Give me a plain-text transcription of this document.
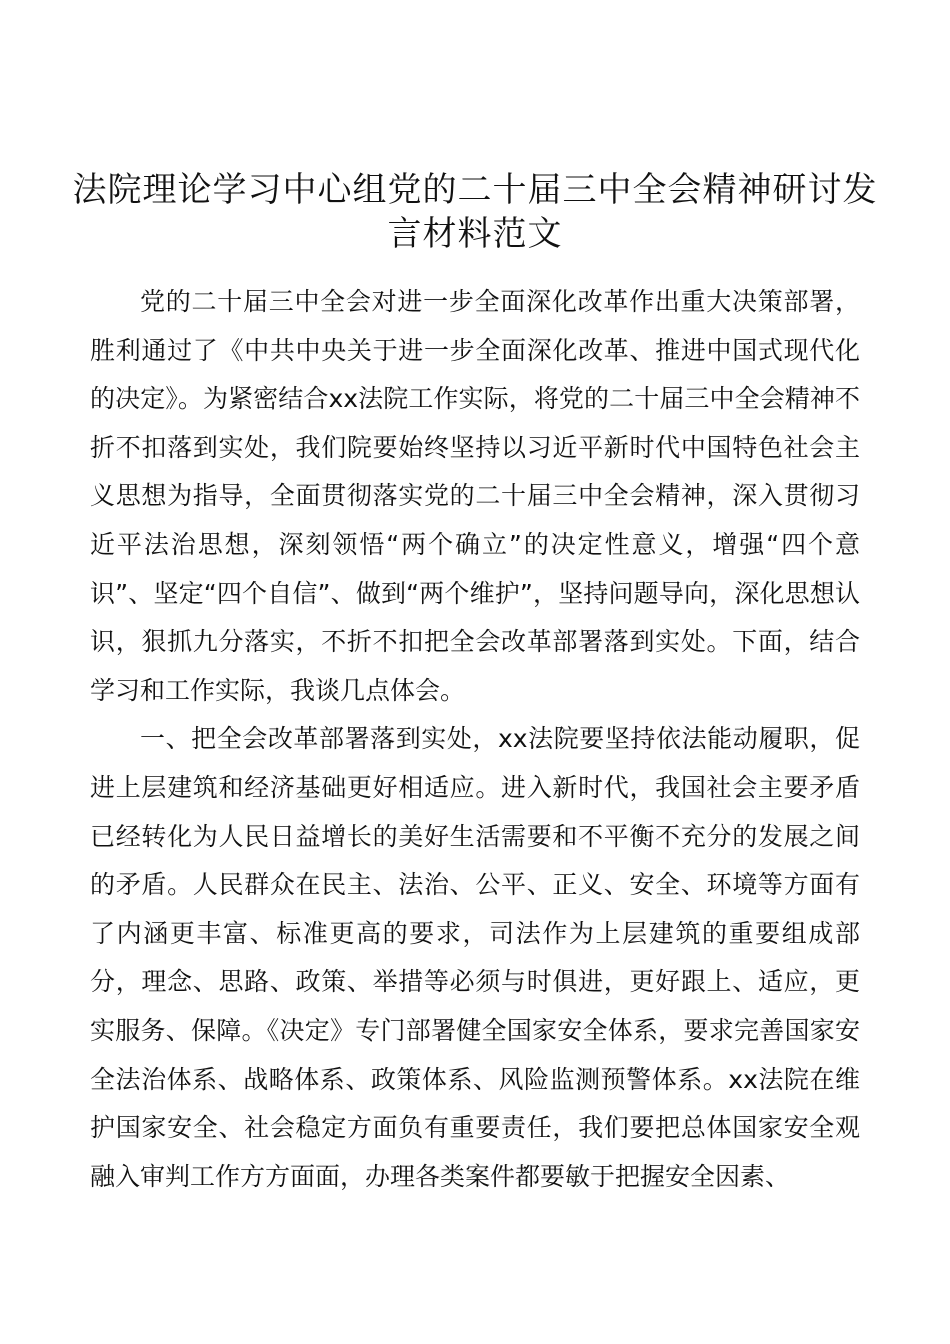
法院理论学习中心组党的二十届三中全会精神研讨发言材料范文

党的二十届三中全会对进一步全面深化改革作出重大决策部署，胜利通过了《中共中央关于进一步全面深化改革、推进中国式现代化的决定》。为紧密结合xx法院工作实际，将党的二十届三中全会精神不折不扣落到实处，我们院要始终坚持以习近平新时代中国特色社会主义思想为指导，全面贯彻落实党的二十届三中全会精神，深入贯彻习近平法治思想，深刻领悟“两个确立”的决定性意义，增强“四个意识”、坚定“四个自信”、做到“两个维护”，坚持问题导向，深化思想认识，狠抓九分落实，不折不扣把全会改革部署落到实处。下面，结合学习和工作实际，我谈几点体会。

一、把全会改革部署落到实处，xx法院要坚持依法能动履职，促进上层建筑和经济基础更好相适应。进入新时代，我国社会主要矛盾已经转化为人民日益增长的美好生活需要和不平衡不充分的发展之间的矛盾。人民群众在民主、法治、公平、正义、安全、环境等方面有了内涵更丰富、标准更高的要求，司法作为上层建筑的重要组成部分，理念、思路、政策、举措等必须与时俱进，更好跟上、适应，更实服务、保障。《决定》专门部署健全国家安全体系，要求完善国家安全法治体系、战略体系、政策体系、风险监测预警体系。xx法院在维护国家安全、社会稳定方面负有重要责任，我们要把总体国家安全观融入审判工作方方面面，办理各类案件都要敏于把握安全因素、
